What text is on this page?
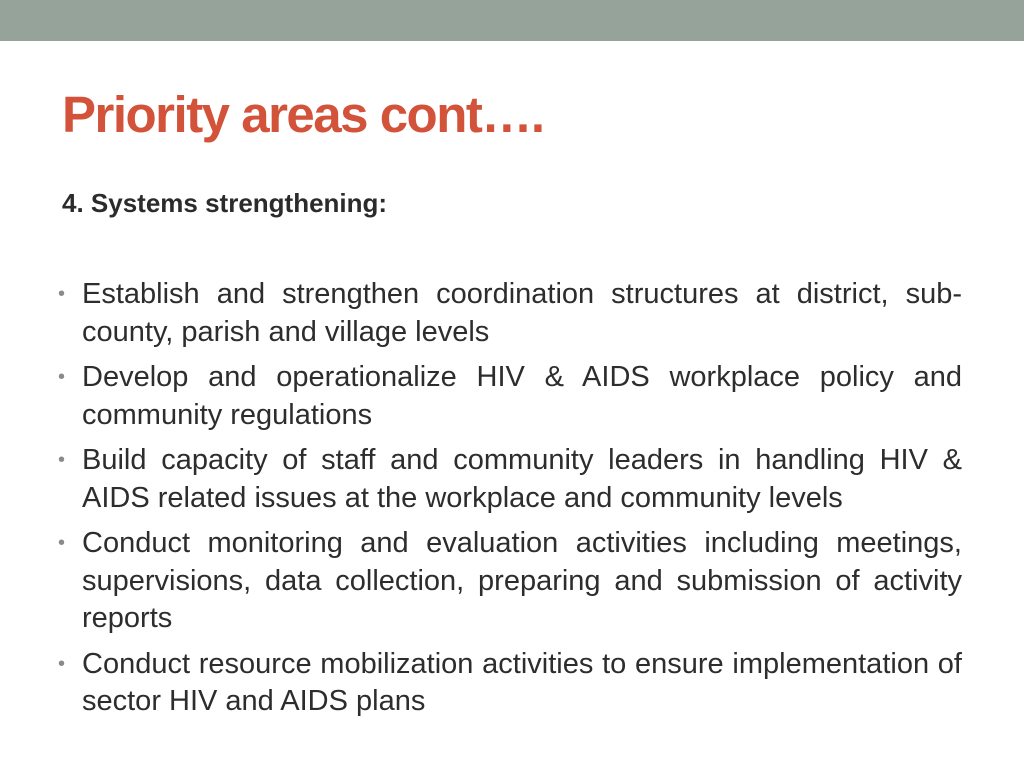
Priority areas cont….
4. Systems strengthening:
• Establish and strengthen coordination structures at district, sub-county, parish and village levels
• Develop and operationalize HIV & AIDS workplace policy and community regulations
• Build capacity of staff and community leaders in handling HIV & AIDS related issues at the workplace and community levels
• Conduct monitoring and evaluation activities including meetings, supervisions, data collection, preparing and submission of activity reports
• Conduct resource mobilization activities to ensure implementation of sector HIV and AIDS plans
